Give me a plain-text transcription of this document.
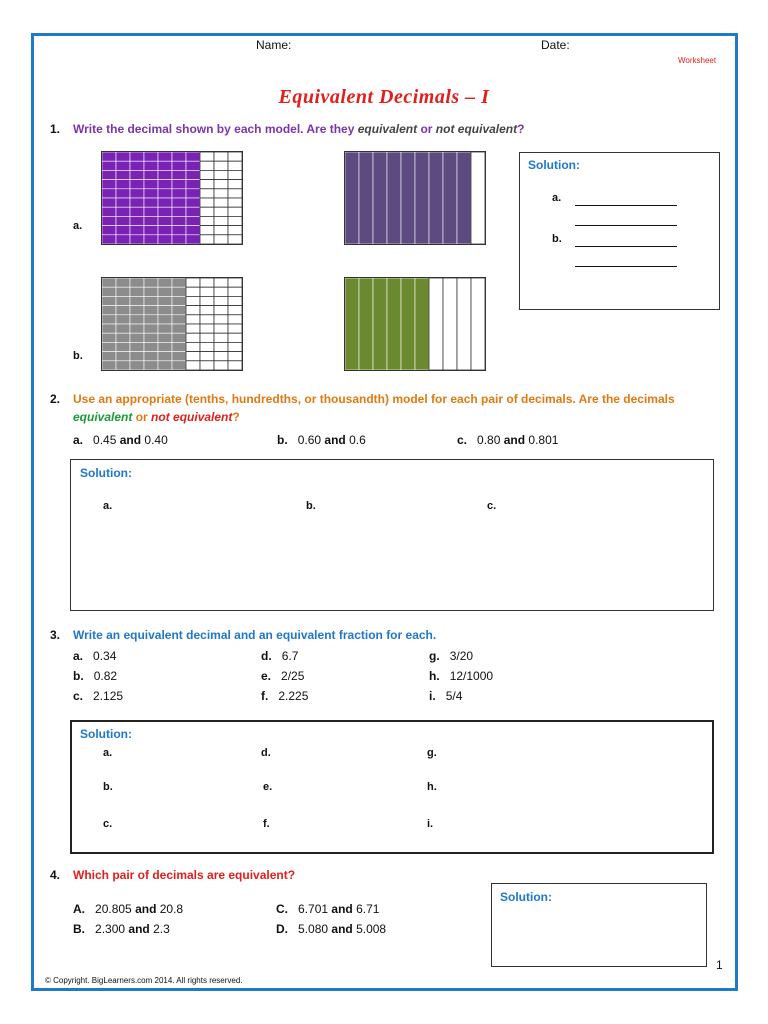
Name:	Date:
Worksheet
Equivalent Decimals – I
1. Write the decimal shown by each model. Are they equivalent or not equivalent?
a.
b.
Solution:
a.
b.
2. Use an appropriate (tenths, hundredths, or thousandth) model for each pair of decimals. Are the decimals
equivalent or not equivalent?
a. 0.45 and 0.40	b. 0.60 and 0.6	c. 0.80 and 0.801
Solution:
a.	b.	c.
3. Write an equivalent decimal and an equivalent fraction for each.
a. 0.34	d. 6.7	g. 3/20
b. 0.82	e. 2/25	h. 12/1000
c. 2.125	f. 2.225	i. 5/4
Solution:
a.	d.	g.
b.	e.	h.
c.	f.	i.
4. Which pair of decimals are equivalent?
A. 20.805 and 20.8	C. 6.701 and 6.71
B. 2.300 and 2.3	D. 5.080 and 5.008
Solution:
© Copyright. BigLearners.com 2014. All rights reserved.
1
